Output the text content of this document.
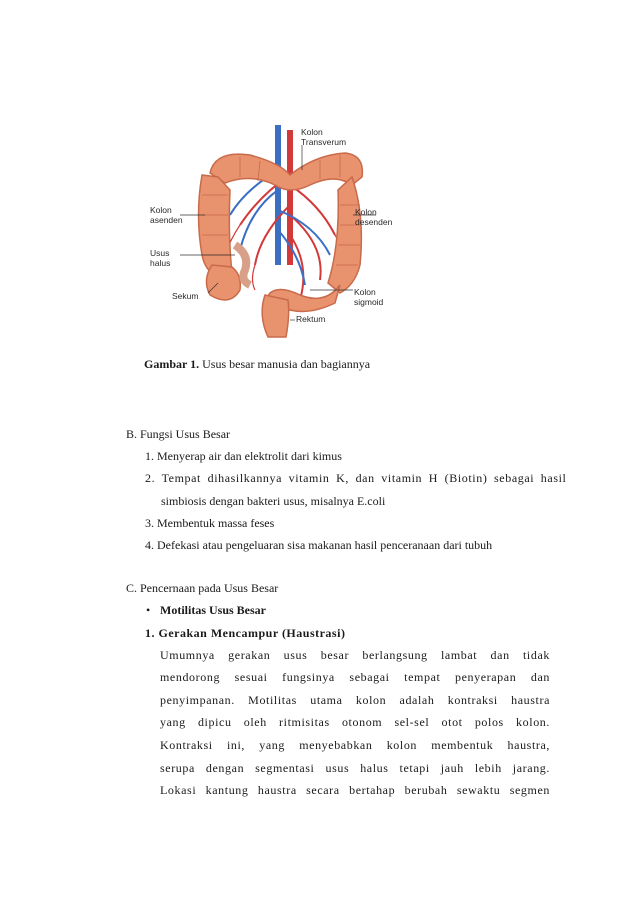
Kolon
Transverum
Kolon
asenden
Kolon
desenden
Usus
halus
Sekum	Kolon
sigmoid
Rektum
Gambar 1. Usus besar manusia dan bagiannya
B. Fungsi Usus Besar
1. Menyerap air dan elektrolit dari kimus
2. Tempat dihasilkannya vitamin K, dan vitamin H (Biotin) sebagai hasil
simbiosis dengan bakteri usus, misalnya E.coli
3. Membentuk massa feses
4. Defekasi atau pengeluaran sisa makanan hasil penceranaan dari tubuh
C. Pencernaan pada Usus Besar
• Motilitas Usus Besar
1. Gerakan Mencampur (Haustrasi)
Umumnya gerakan usus besar berlangsung lambat dan tidak
mendorong sesuai fungsinya sebagai tempat penyerapan dan
penyimpanan. Motilitas utama kolon adalah kontraksi haustra
yang dipicu oleh ritmisitas otonom sel-sel otot polos kolon.
Kontraksi ini, yang menyebabkan kolon membentuk haustra,
serupa dengan segmentasi usus halus tetapi jauh lebih jarang.
Lokasi kantung haustra secara bertahap berubah sewaktu segmen
